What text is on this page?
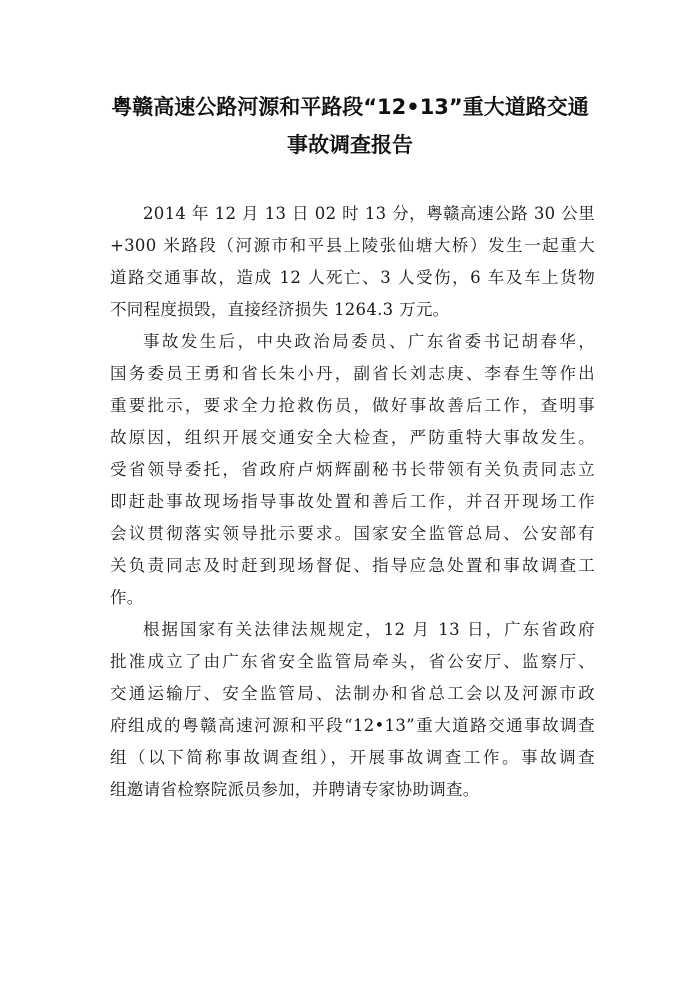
粤赣高速公路河源和平路段“12•13”重大道路交通
事故调查报告
2014 年 12 月 13 日 02 时 13 分，粤赣高速公路 30 公里
+300 米路段（河源市和平县上陵张仙塘大桥）发生一起重大
道路交通事故，造成 12 人死亡、3 人受伤，6 车及车上货物
不同程度损毁，直接经济损失 1264.3 万元。
事故发生后，中央政治局委员、广东省委书记胡春华，
国务委员王勇和省长朱小丹，副省长刘志庚、李春生等作出
重要批示，要求全力抢救伤员，做好事故善后工作，查明事
故原因，组织开展交通安全大检查，严防重特大事故发生。
受省领导委托，省政府卢炳辉副秘书长带领有关负责同志立
即赶赴事故现场指导事故处置和善后工作，并召开现场工作
会议贯彻落实领导批示要求。国家安全监管总局、公安部有
关负责同志及时赶到现场督促、指导应急处置和事故调查工
作。
根据国家有关法律法规规定，12 月 13 日，广东省政府
批准成立了由广东省安全监管局牵头，省公安厅、监察厅、
交通运输厅、安全监管局、法制办和省总工会以及河源市政
府组成的粤赣高速河源和平段“12•13”重大道路交通事故调查
组（以下简称事故调查组），开展事故调查工作。事故调查
组邀请省检察院派员参加，并聘请专家协助调查。
